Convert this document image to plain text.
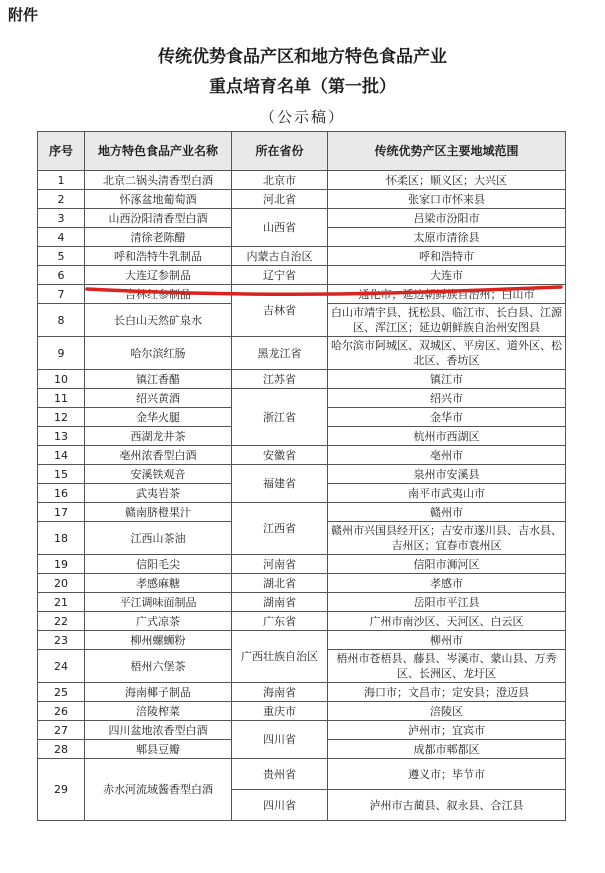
附件
传统优势食品产区和地方特色食品产业
重点培育名单（第一批）
（公示稿）
序号	地方特色食品产业名称	所在省份	传统优势产区主要地域范围
1	北京二锅头清香型白酒	北京市	怀柔区；顺义区；大兴区
2	怀涿盆地葡萄酒	河北省	张家口市怀来县
3	山西汾阳清香型白酒	山西省	吕梁市汾阳市
4	清徐老陈醋		太原市清徐县
5	呼和浩特牛乳制品	内蒙古自治区	呼和浩特市
6	大连辽参制品	辽宁省	大连市
7	吉林红参制品	吉林省	通化市；延边朝鲜族自治州；白山市
8	长白山天然矿泉水		白山市靖宇县、抚松县、临江市、长白县、江源区、浑江区；延边朝鲜族自治州安图县
9	哈尔滨红肠	黑龙江省	哈尔滨市阿城区、双城区、平房区、道外区、松北区、香坊区
10	镇江香醋	江苏省	镇江市
11	绍兴黄酒	浙江省	绍兴市
12	金华火腿		金华市
13	西湖龙井茶		杭州市西湖区
14	亳州浓香型白酒	安徽省	亳州市
15	安溪铁观音	福建省	泉州市安溪县
16	武夷岩茶		南平市武夷山市
17	赣南脐橙果汁	江西省	赣州市
18	江西山茶油		赣州市兴国县经开区；吉安市遂川县、吉水县、吉州区；宜春市袁州区
19	信阳毛尖	河南省	信阳市浉河区
20	孝感麻糖	湖北省	孝感市
21	平江调味面制品	湖南省	岳阳市平江县
22	广式凉茶	广东省	广州市南沙区、天河区、白云区
23	柳州螺蛳粉	广西壮族自治区	柳州市
24	梧州六堡茶		梧州市苍梧县、藤县、岑溪市、蒙山县、万秀区、长洲区、龙圩区
25	海南椰子制品	海南省	海口市；文昌市；定安县；澄迈县
26	涪陵榨菜	重庆市	涪陵区
27	四川盆地浓香型白酒	四川省	泸州市；宜宾市
28	郫县豆瓣		成都市郫都区
29	赤水河流域酱香型白酒	贵州省	遵义市；毕节市
		四川省	泸州市古蔺县、叙永县、合江县
